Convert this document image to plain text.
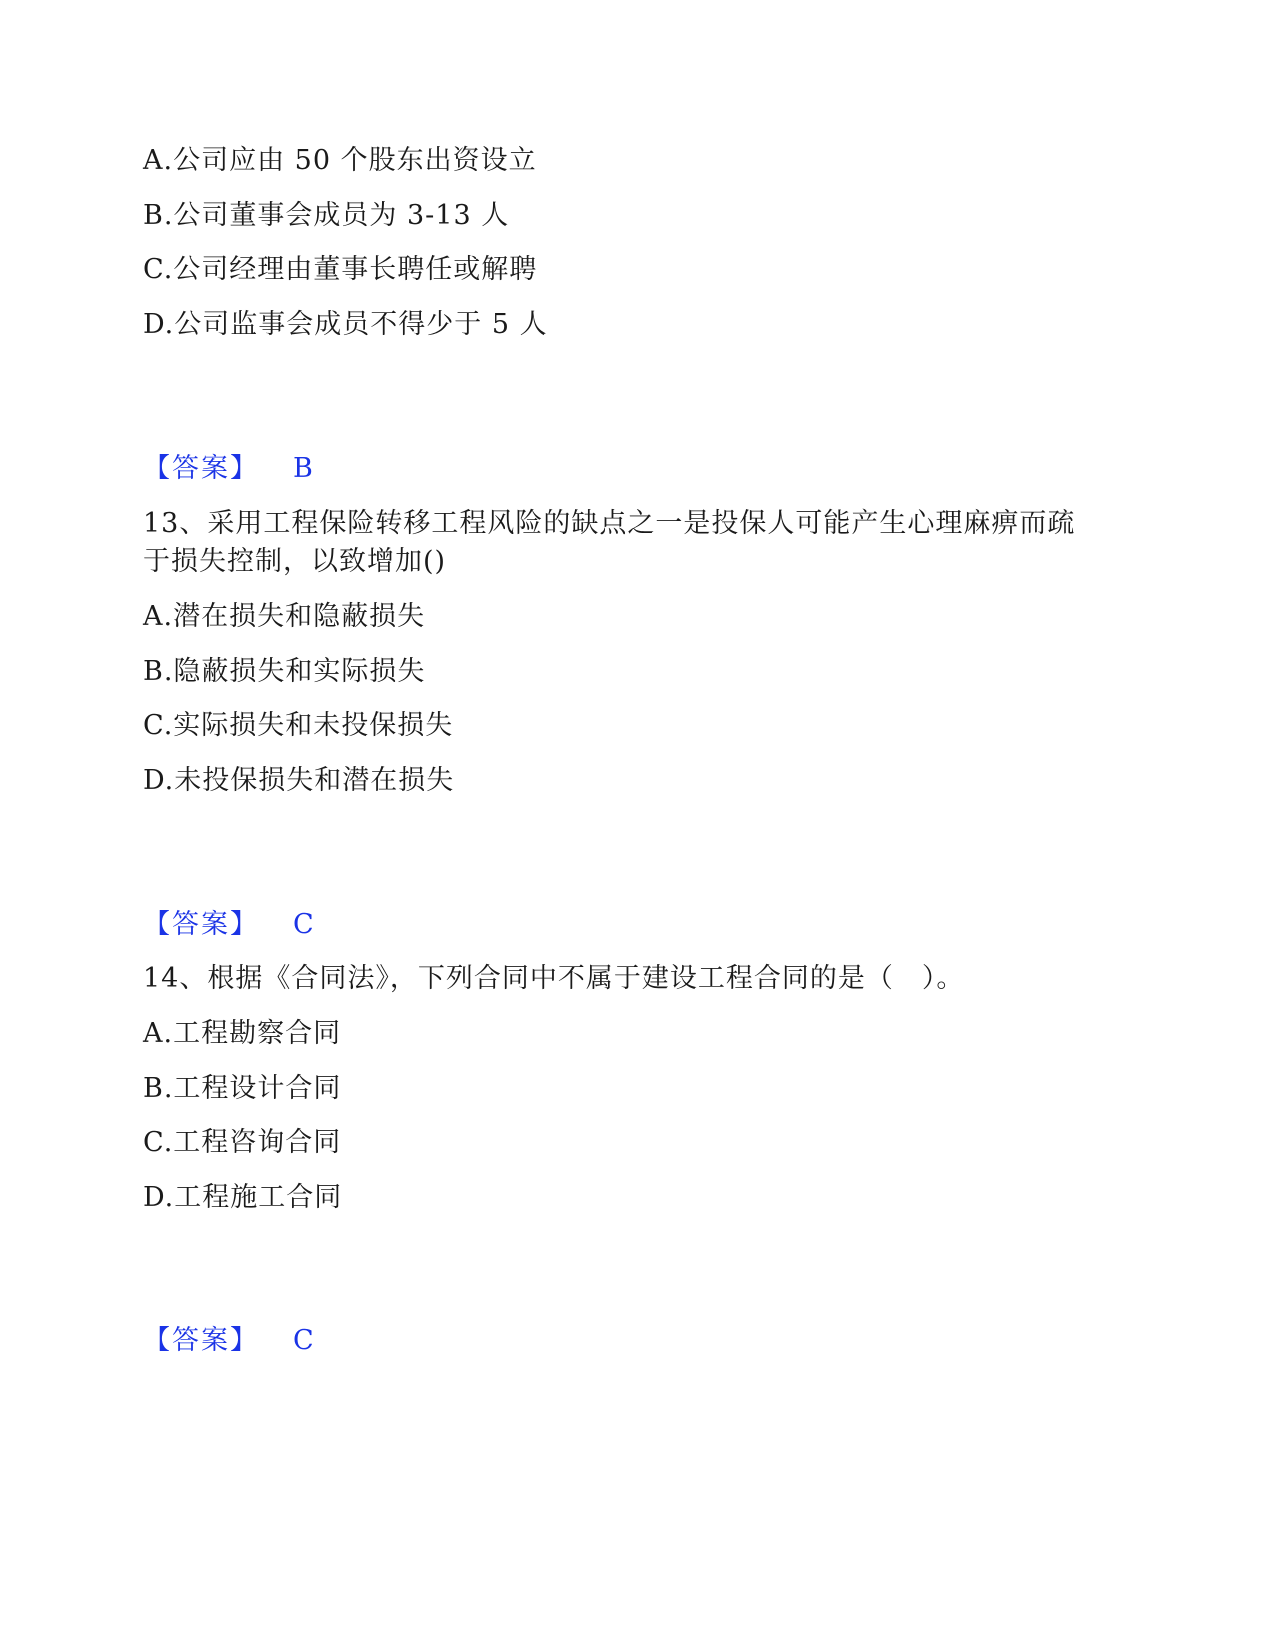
A.公司应由 50 个股东出资设立
B.公司董事会成员为 3-13 人
C.公司经理由董事长聘任或解聘
D.公司监事会成员不得少于 5 人
【答案】 B
13、采用工程保险转移工程风险的缺点之一是投保人可能产生心理麻痹而疏
于损失控制，以致增加()
A.潜在损失和隐蔽损失
B.隐蔽损失和实际损失
C.实际损失和未投保损失
D.未投保损失和潜在损失
【答案】 C
14、根据《合同法》，下列合同中不属于建设工程合同的是（　）。
A.工程勘察合同
B.工程设计合同
C.工程咨询合同
D.工程施工合同
【答案】 C
